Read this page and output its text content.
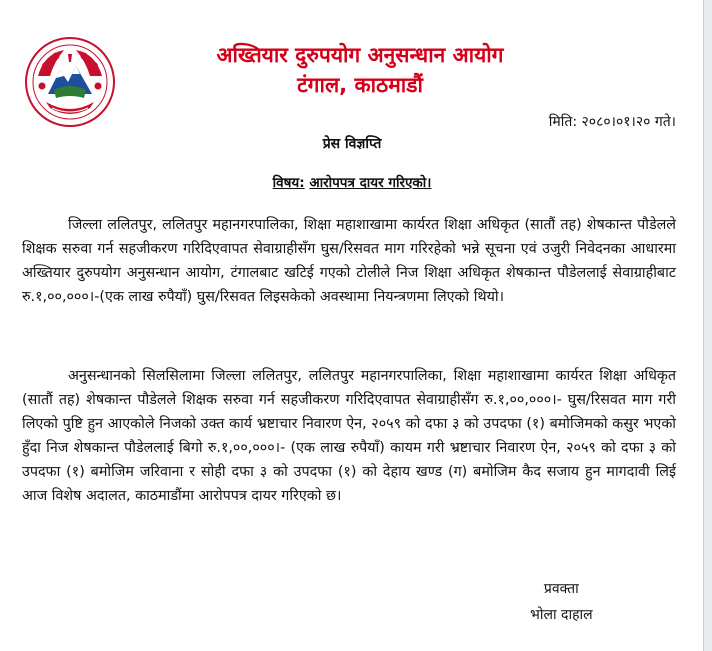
अख्तियार दुरुपयोग अनुसन्धान आयोग
टंगाल, काठमाडौं
मिति: २०८०।०१।२० गते।
प्रेस विज्ञप्ति
विषय: आरोपपत्र दायर गरिएको।
जिल्ला ललितपुर, ललितपुर महानगरपालिका, शिक्षा महाशाखामा कार्यरत शिक्षा अधिकृत (सातौं तह) शेषकान्त पौडेलले शिक्षक सरुवा गर्न सहजीकरण गरिदिएवापत सेवाग्राहीसँग घुस/रिसवत माग गरिरहेको भन्ने सूचना एवं उजुरी निवेदनका आधारमा अख्तियार दुरुपयोग अनुसन्धान आयोग, टंगालबाट खटिई गएको टोलीले निज शिक्षा अधिकृत शेषकान्त पौडेललाई सेवाग्राहीबाट रु.१,००,०००।-(एक लाख रुपैयाँ) घुस/रिसवत लिइसकेको अवस्थामा नियन्त्रणमा लिएको थियो।
अनुसन्धानको सिलसिलामा जिल्ला ललितपुर, ललितपुर महानगरपालिका, शिक्षा महाशाखामा कार्यरत शिक्षा अधिकृत (सातौं तह) शेषकान्त पौडेलले शिक्षक सरुवा गर्न सहजीकरण गरिदिएवापत सेवाग्राहीसँग रु.१,००,०००।- घुस/रिसवत माग गरी लिएको पुष्टि हुन आएकोले निजको उक्त कार्य भ्रष्टाचार निवारण ऐन, २०५९ को दफा ३ को उपदफा (१) बमोजिमको कसुर भएको हुँदा निज शेषकान्त पौडेललाई बिगो रु.१,००,०००।- (एक लाख रुपैयाँ) कायम गरी भ्रष्टाचार निवारण ऐन, २०५९ को दफा ३ को उपदफा (१) बमोजिम जरिवाना र सोही दफा ३ को उपदफा (१) को देहाय खण्ड (ग) बमोजिम कैद सजाय हुन मागदावी लिई आज विशेष अदालत, काठमाडौंमा आरोपपत्र दायर गरिएको छ।
प्रवक्ता
भोला दाहाल
